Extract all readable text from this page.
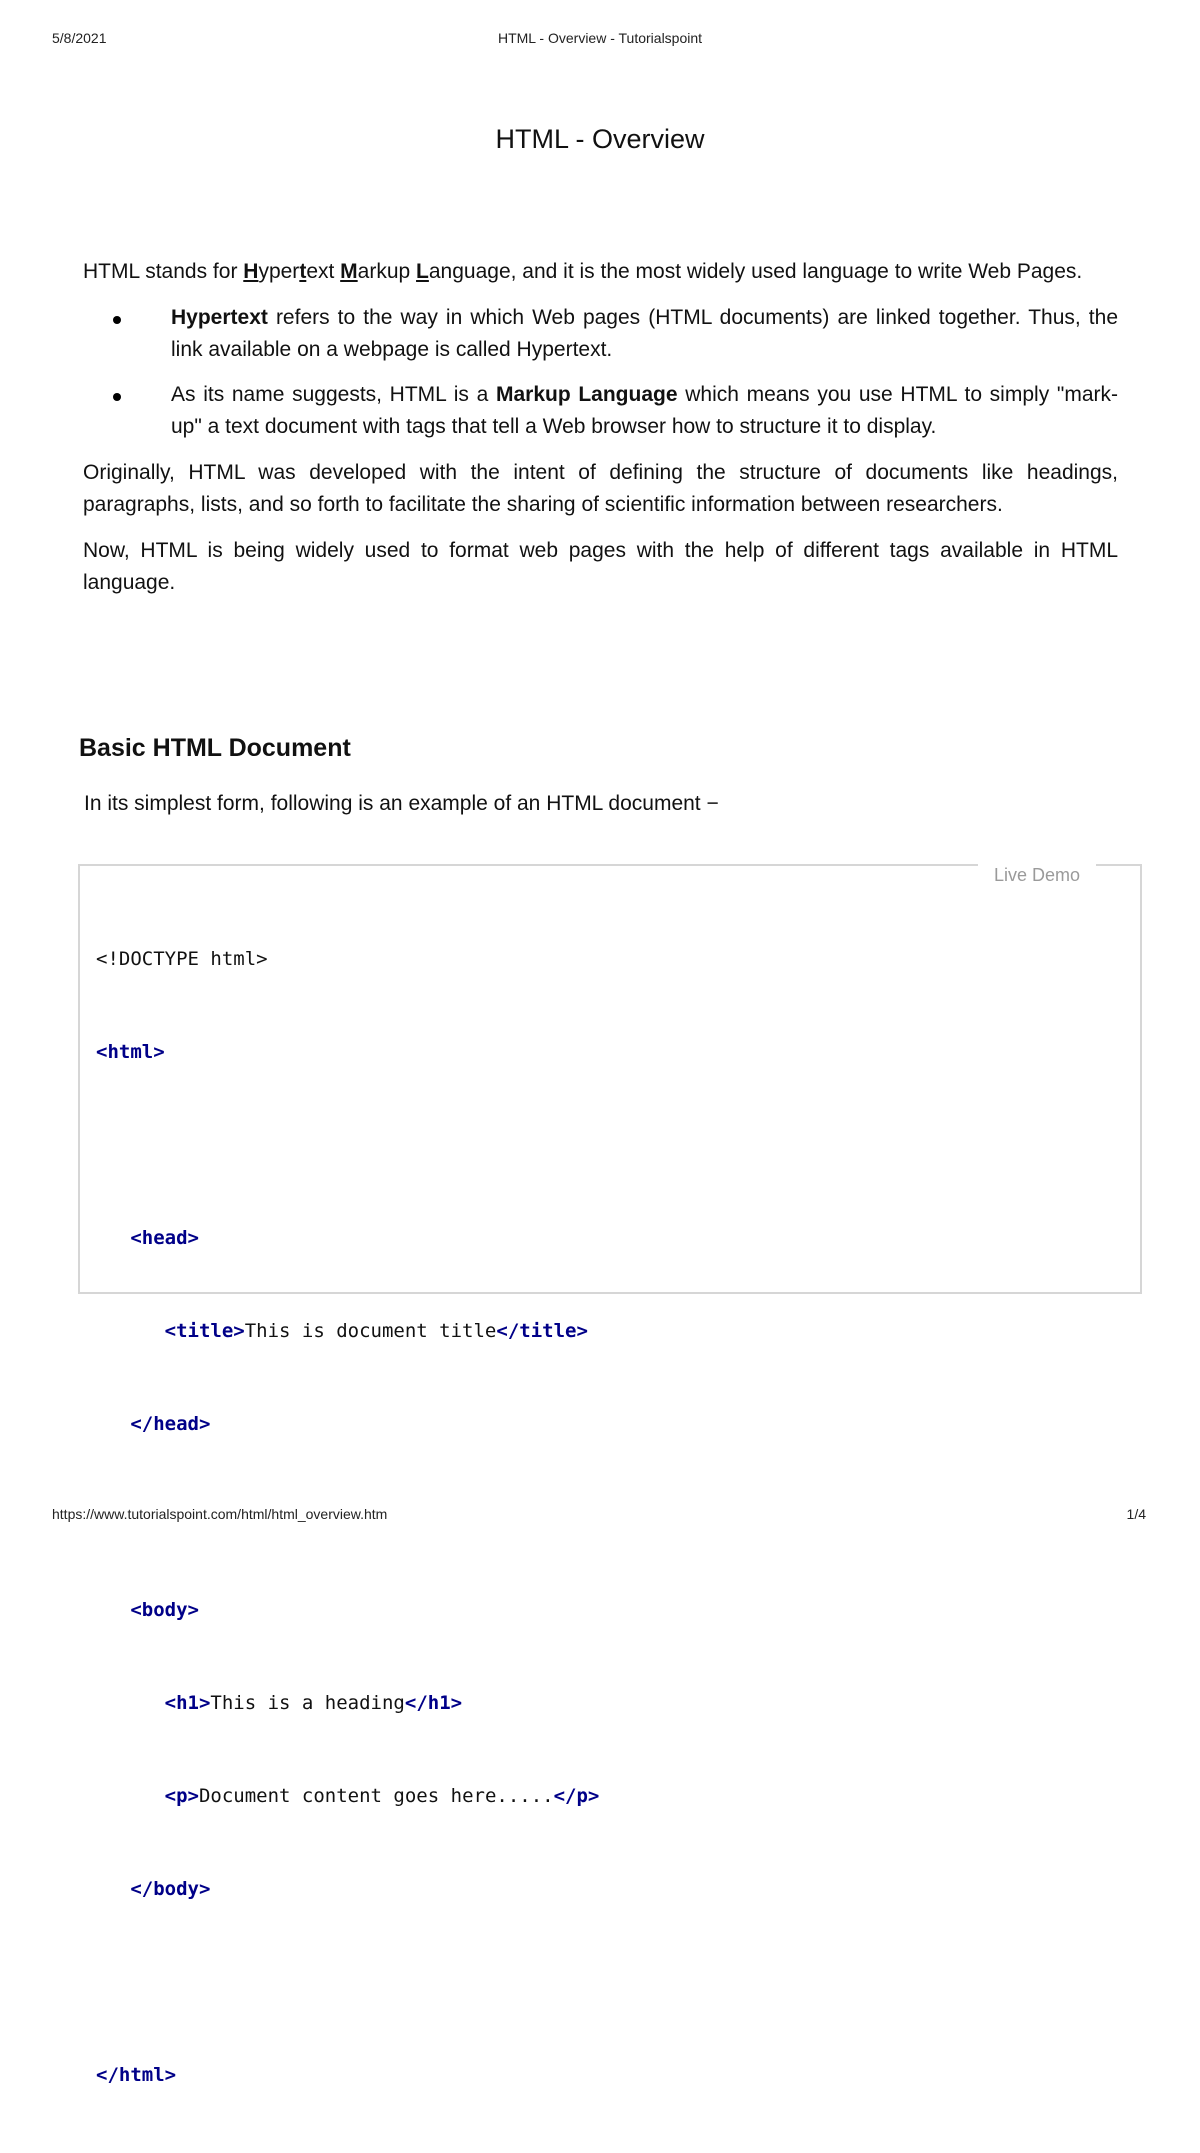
5/8/2021	HTML - Overview - Tutorialspoint
HTML - Overview

HTML stands for Hypertext Markup Language, and it is the most widely used language to write Web Pages.

Hypertext refers to the way in which Web pages (HTML documents) are linked together. Thus, the link available on a webpage is called Hypertext.
As its name suggests, HTML is a Markup Language which means you use HTML to simply "mark-up" a text document with tags that tell a Web browser how to structure it to display.

Originally, HTML was developed with the intent of defining the structure of documents like headings, paragraphs, lists, and so forth to facilitate the sharing of scientific information between researchers.

Now, HTML is being widely used to format web pages with the help of different tags available in HTML language.

Basic HTML Document

In its simplest form, following is an example of an HTML document −

Live Demo

<!DOCTYPE html>

<html>

<head>

<title>This is document title</title>

</head>

<body>

<h1>This is a heading</h1>

<p>Document content goes here.....</p>

</body>

</html>

https://www.tutorialspoint.com/html/html_overview.htm	1/4
